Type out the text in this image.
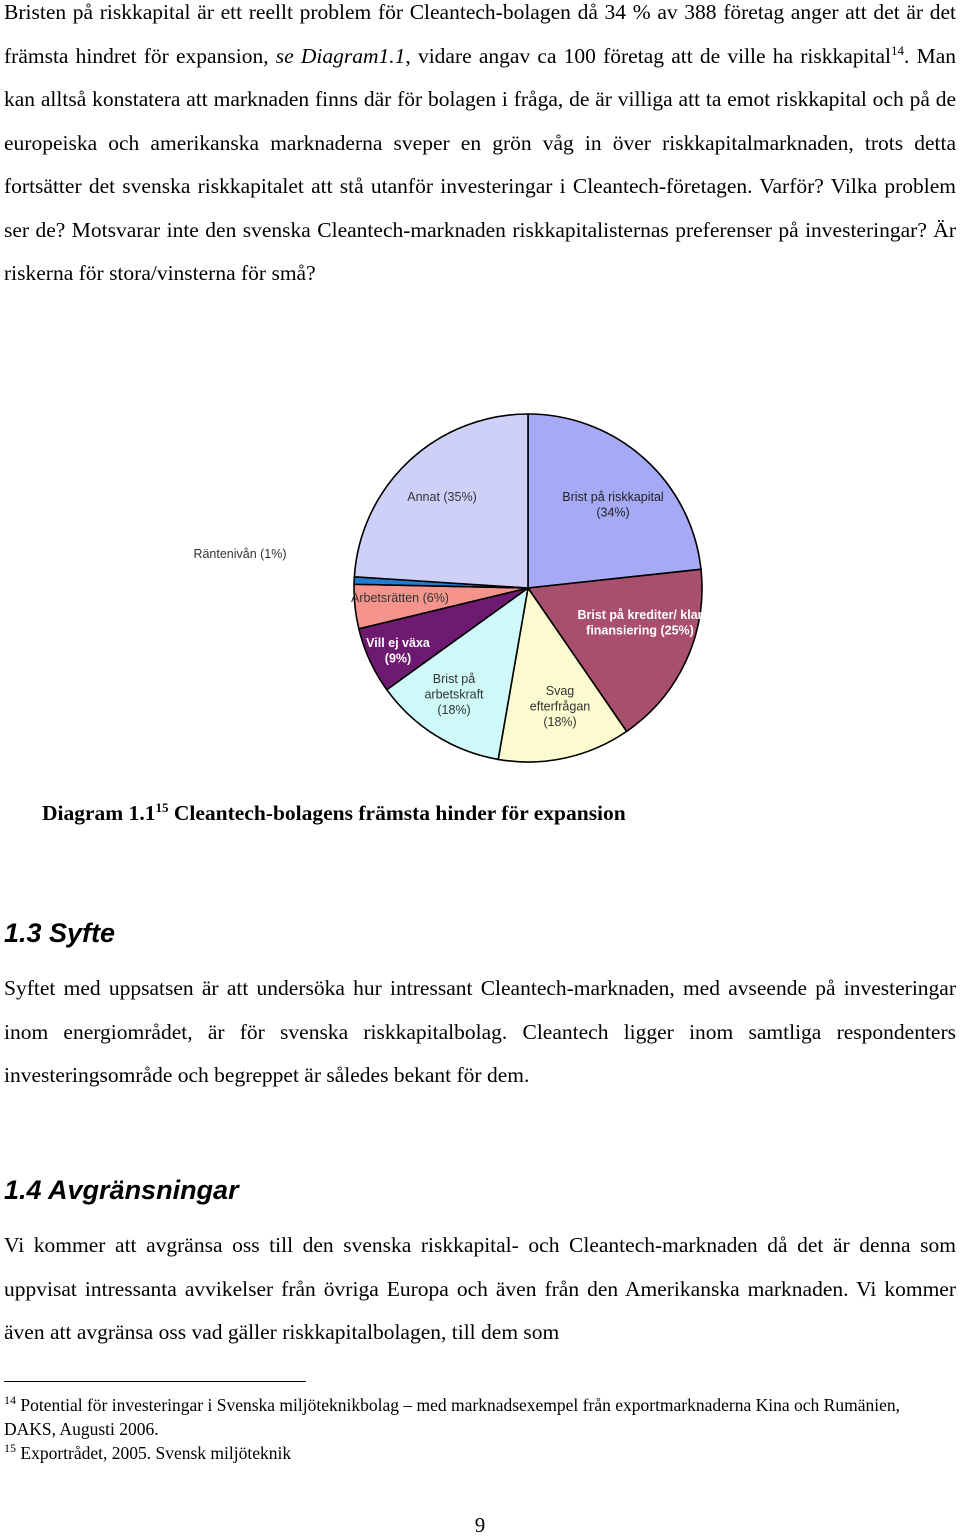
Bristen på riskkapital är ett reellt problem för Cleantech-bolagen då 34 % av 388 företag anger att det är det främsta hindret för expansion, se Diagram1.1, vidare angav ca 100 företag att de ville ha riskkapital$^{14}$. Man kan alltså konstatera att marknaden finns där för bolagen i fråga, de är villiga att ta emot riskkapital och på de europeiska och amerikanska marknaderna sveper en grön våg in över riskkapitalmarknaden, trots detta fortsätter det svenska riskkapitalet att stå utanför investeringar i Cleantech-företagen. Varför? Vilka problem ser de? Motsvarar inte den svenska Cleantech-marknaden riskkapitalisternas preferenser på investeringar? Är riskerna för stora/vinsterna för små?

Brist på riskkapital (34%)
Brist på krediter/ klar finansiering (25%)
Svag efterfrågan (18%)
Brist på arbetskraft (18%)
Vill ej växa (9%)
Arbetsrätten (6%)
Räntenivån (1%)
Annat (35%)

Diagram $1.1^{15}$ Cleantech-bolagens främsta hinder för expansion

1.3 Syfte

Syftet med uppsatsen är att undersöka hur intressant Cleantech-marknaden, med avseende på investeringar inom energiområdet, är för svenska riskkapitalbolag. Cleantech ligger inom samtliga respondenters investeringsområde och begreppet är således bekant för dem.

1.4 Avgränsningar

Vi kommer att avgränsa oss till den svenska riskkapital- och Cleantech-marknaden då det är denna som uppvisat intressanta avvikelser från övriga Europa och även från den Amerikanska marknaden. Vi kommer även att avgränsa oss vad gäller riskkapitalbolagen, till dem som

$^{14}$ Potential för investeringar i Svenska miljöteknikbolag – med marknadsexempel från exportmarknaderna Kina och Rumänien, DAKS, Augusti 2006.

$^{15}$ Exportrådet, 2005. Svensk miljöteknik

9
